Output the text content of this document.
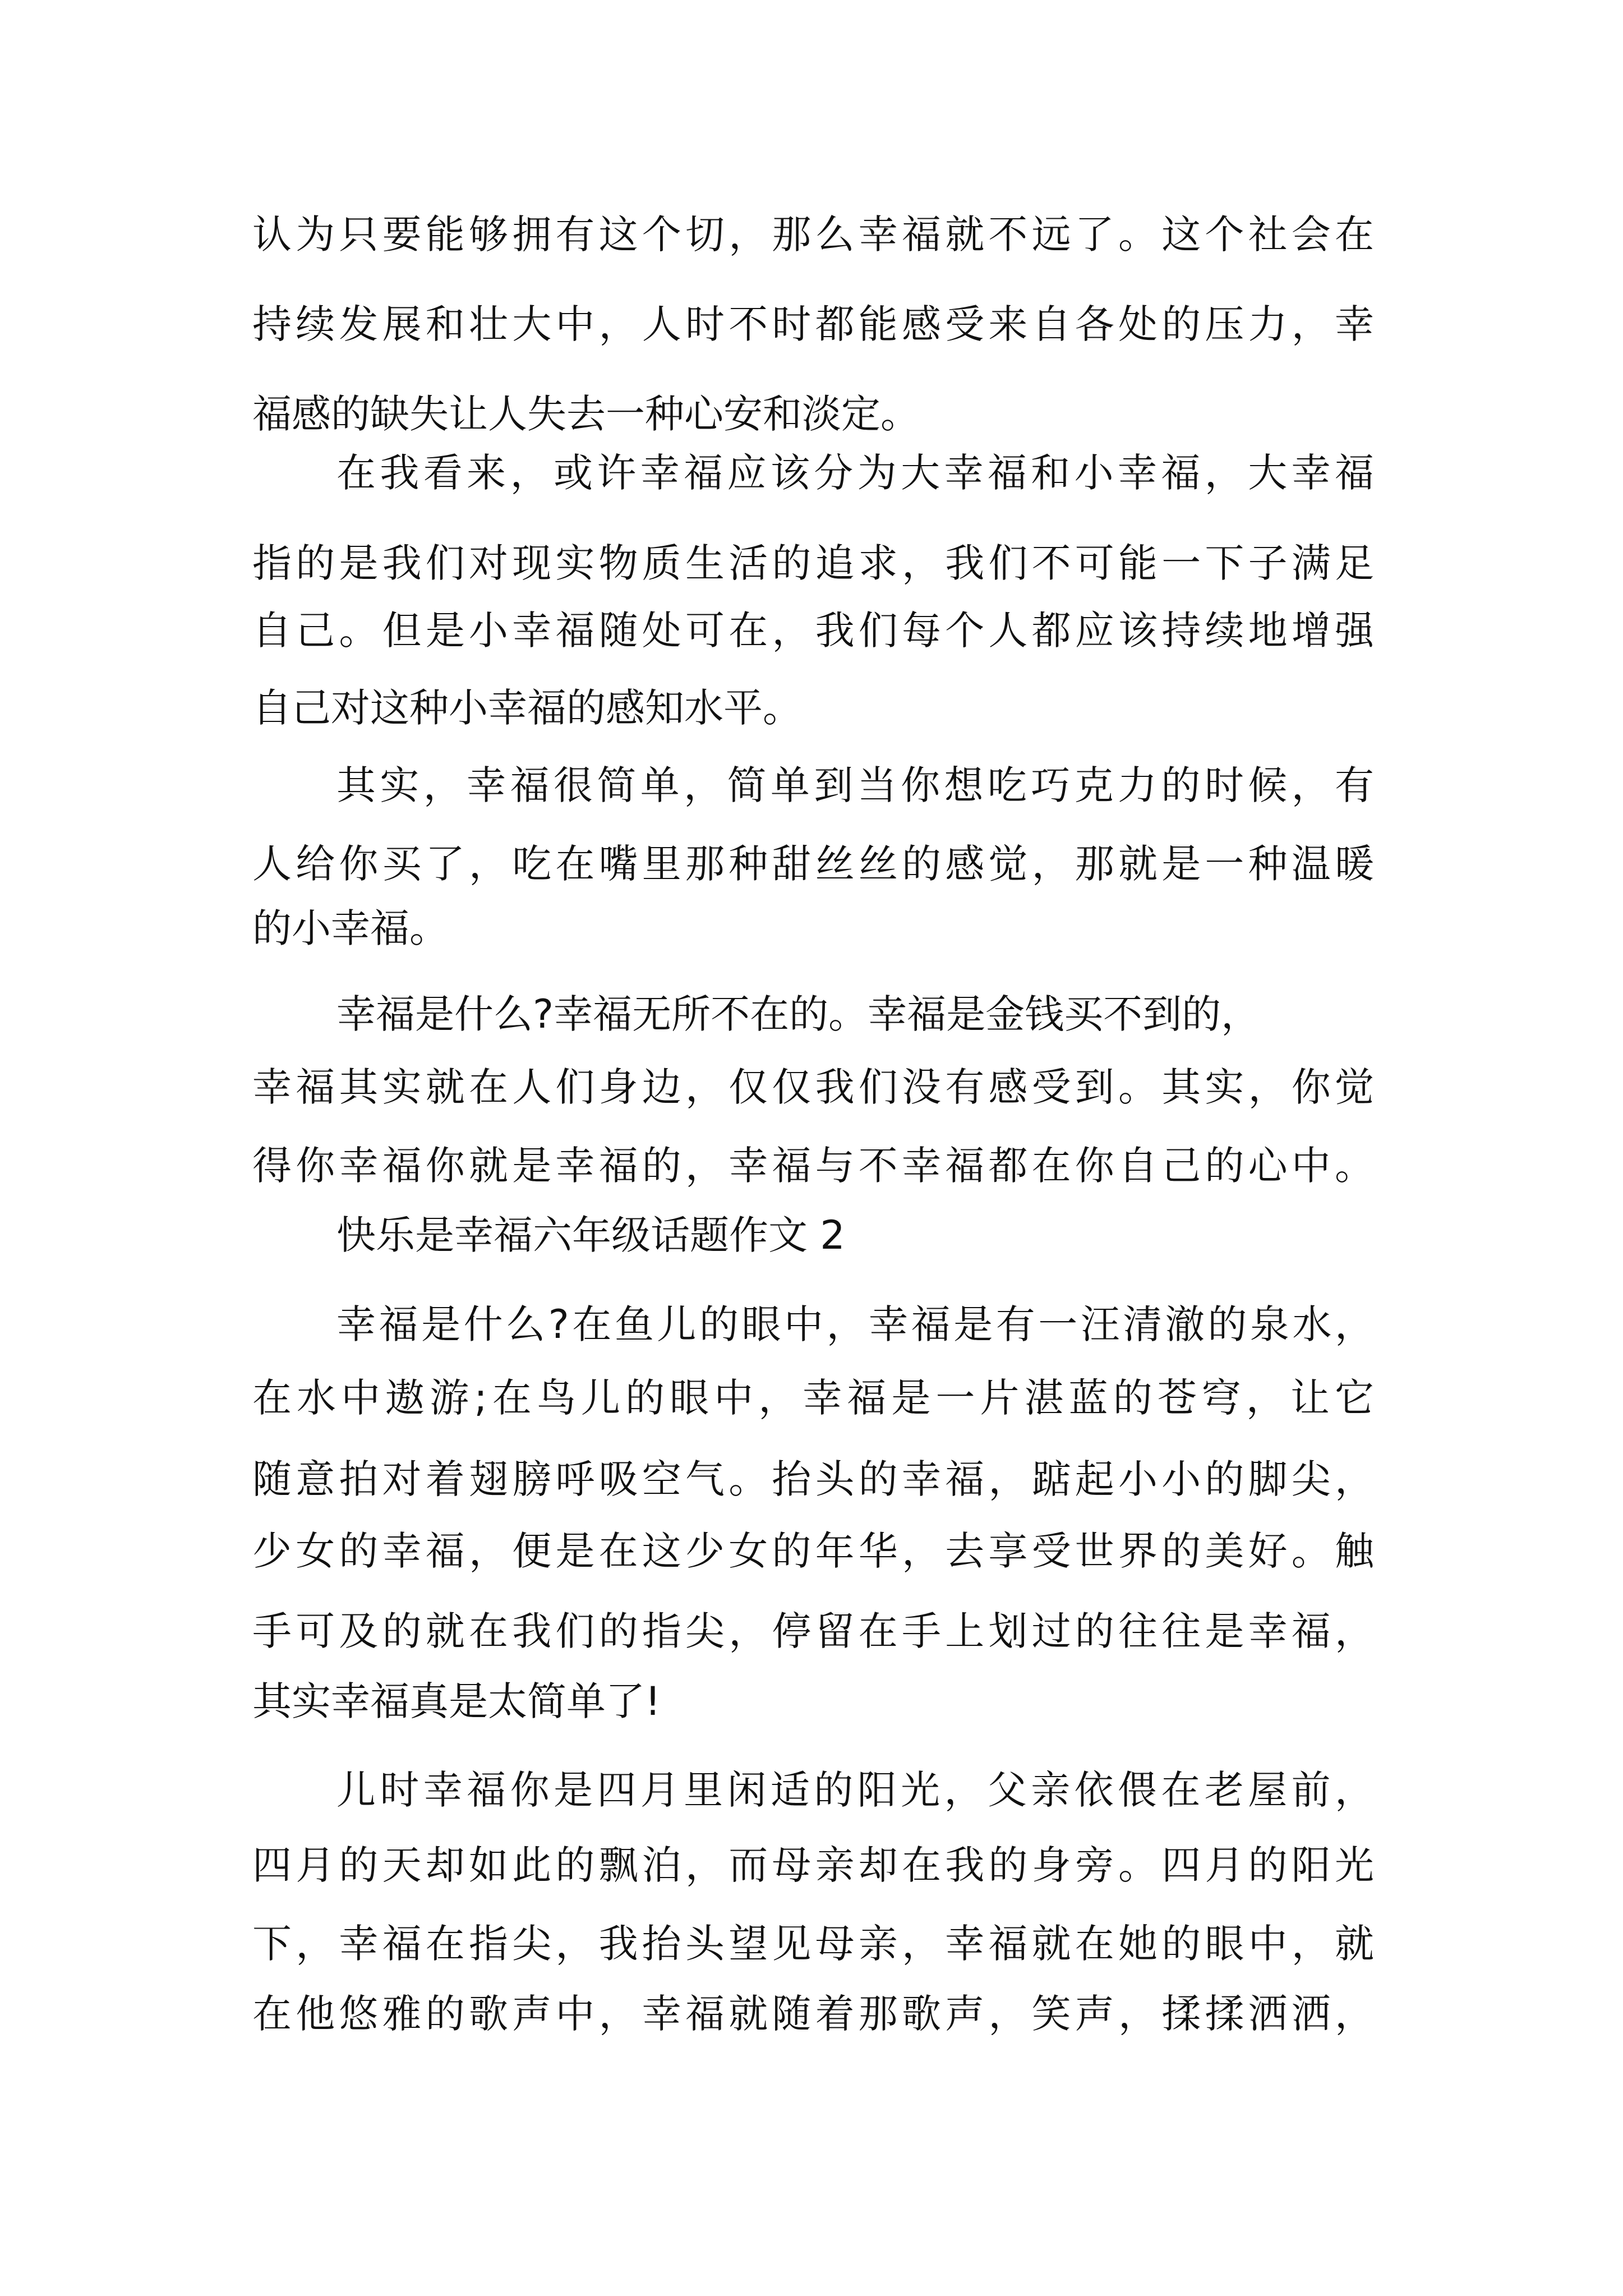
认为只要能够拥有这个切，那么幸福就不远了。这个社会在
持续发展和壮大中，人时不时都能感受来自各处的压力，幸
福感的缺失让人失去一种心安和淡定。
在我看来，或许幸福应该分为大幸福和小幸福，大幸福
指的是我们对现实物质生活的追求，我们不可能一下子满足
自己。但是小幸福随处可在，我们每个人都应该持续地增强
自己对这种小幸福的感知水平。
其实，幸福很简单，简单到当你想吃巧克力的时候，有
人给你买了，吃在嘴里那种甜丝丝的感觉，那就是一种温暖
的小幸福。
幸福是什么?幸福无所不在的。幸福是金钱买不到的，
幸福其实就在人们身边，仅仅我们没有感受到。其实，你觉
得你幸福你就是幸福的，幸福与不幸福都在你自己的心中。
快乐是幸福六年级话题作文 2
幸福是什么?在鱼儿的眼中，幸福是有一汪清澈的泉水，
在水中遨游;在鸟儿的眼中，幸福是一片湛蓝的苍穹，让它
随意拍对着翅膀呼吸空气。抬头的幸福，踮起小小的脚尖，
少女的幸福，便是在这少女的年华，去享受世界的美好。触
手可及的就在我们的指尖，停留在手上划过的往往是幸福，
其实幸福真是太简单了!
儿时幸福你是四月里闲适的阳光，父亲依偎在老屋前，
四月的天却如此的飘泊，而母亲却在我的身旁。四月的阳光
下，幸福在指尖，我抬头望见母亲，幸福就在她的眼中，就
在他悠雅的歌声中，幸福就随着那歌声，笑声，揉揉洒洒，
